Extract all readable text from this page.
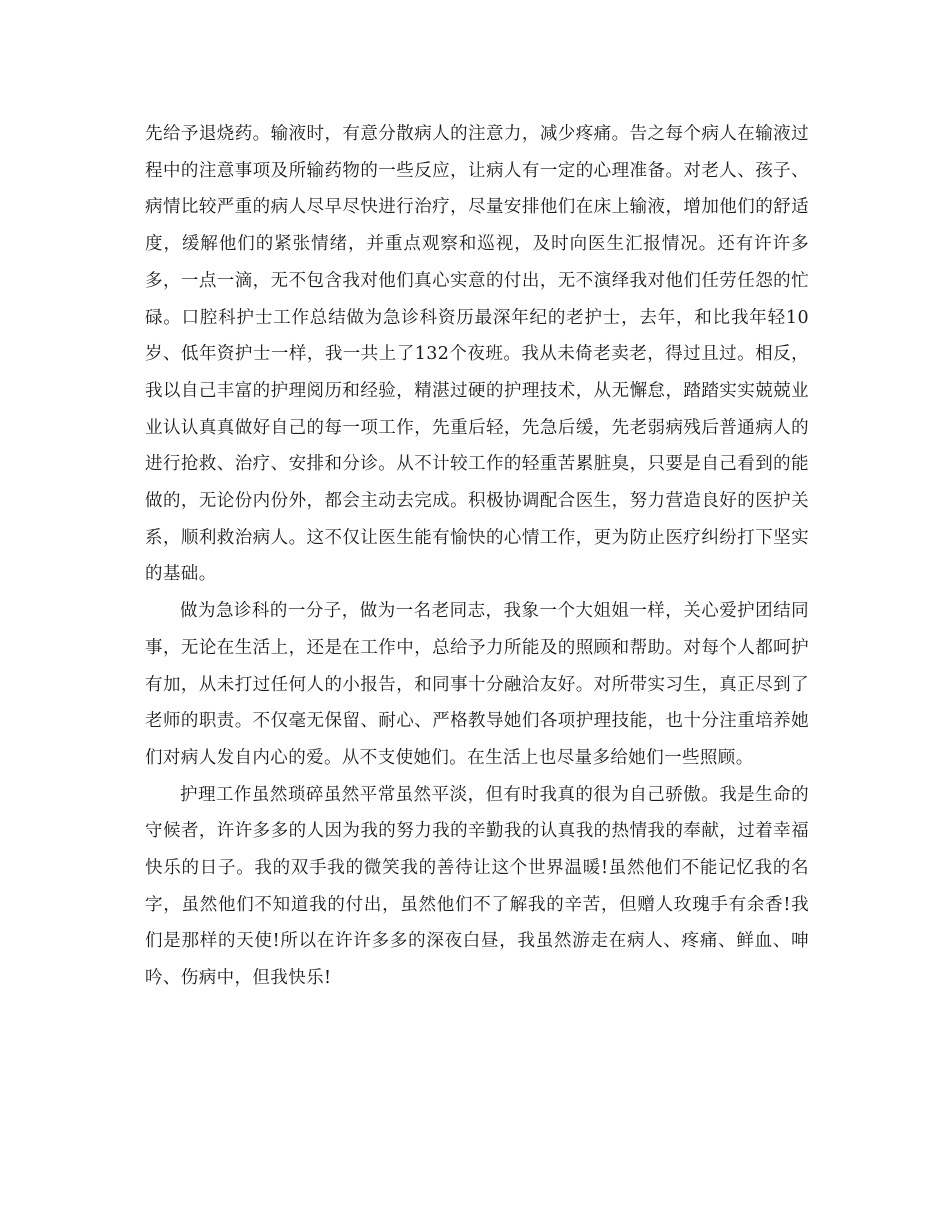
先给予退烧药。输液时，有意分散病人的注意力，减少疼痛。告之每个病人在输液过程中的注意事项及所输药物的一些反应，让病人有一定的心理准备。对老人、孩子、病情比较严重的病人尽早尽快进行治疗，尽量安排他们在床上输液，增加他们的舒适度，缓解他们的紧张情绪，并重点观察和巡视，及时向医生汇报情况。还有许许多多，一点一滴，无不包含我对他们真心实意的付出，无不演绎我对他们任劳任怨的忙碌。口腔科护士工作总结做为急诊科资历最深年纪的老护士，去年，和比我年轻10岁、低年资护士一样，我一共上了132个夜班。我从未倚老卖老，得过且过。相反，我以自己丰富的护理阅历和经验，精湛过硬的护理技术，从无懈怠，踏踏实实兢兢业业认认真真做好自己的每一项工作，先重后轻，先急后缓，先老弱病残后普通病人的进行抢救、治疗、安排和分诊。从不计较工作的轻重苦累脏臭，只要是自己看到的能做的，无论份内份外，都会主动去完成。积极协调配合医生，努力营造良好的医护关系，顺利救治病人。这不仅让医生能有愉快的心情工作，更为防止医疗纠纷打下坚实的基础。

做为急诊科的一分子，做为一名老同志，我象一个大姐姐一样，关心爱护团结同事，无论在生活上，还是在工作中，总给予力所能及的照顾和帮助。对每个人都呵护有加，从未打过任何人的小报告，和同事十分融洽友好。对所带实习生，真正尽到了老师的职责。不仅毫无保留、耐心、严格教导她们各项护理技能，也十分注重培养她们对病人发自内心的爱。从不支使她们。在生活上也尽量多给她们一些照顾。

护理工作虽然琐碎虽然平常虽然平淡，但有时我真的很为自己骄傲。我是生命的守候者，许许多多的人因为我的努力我的辛勤我的认真我的热情我的奉献，过着幸福快乐的日子。我的双手我的微笑我的善待让这个世界温暖!虽然他们不能记忆我的名字，虽然他们不知道我的付出，虽然他们不了解我的辛苦，但赠人玫瑰手有余香!我们是那样的天使!所以在许许多多的深夜白昼，我虽然游走在病人、疼痛、鲜血、呻吟、伤病中，但我快乐!
